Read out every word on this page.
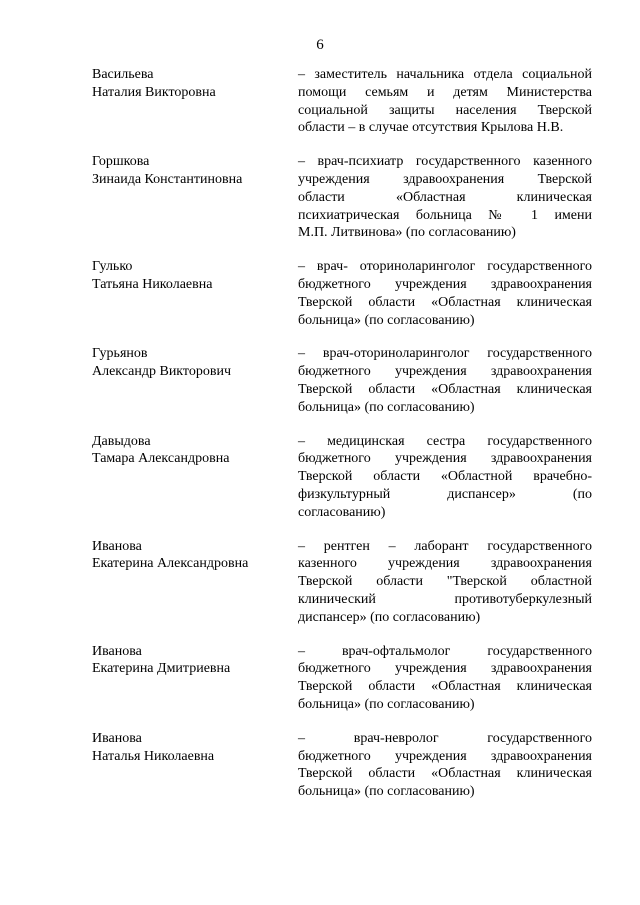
6
Васильева
Наталия Викторовна
– заместитель начальника отдела социальной
помощи семьям и детям Министерства
социальной защиты населения Тверской
области – в случае отсутствия Крылова Н.В.
Горшкова
Зинаида Константиновна
– врач-психиатр государственного казенного
учреждения здравоохранения Тверской
области «Областная клиническая
психиатрическая больница № 1 имени
М.П. Литвинова» (по согласованию)
Гулько
Татьяна Николаевна
– врач- оториноларинголог государственного
бюджетного учреждения здравоохранения
Тверской области «Областная клиническая
больница» (по согласованию)
Гурьянов
Александр Викторович
– врач-оториноларинголог государственного
бюджетного учреждения здравоохранения
Тверской области «Областная клиническая
больница» (по согласованию)
Давыдова
Тамара Александровна
– медицинская сестра государственного
бюджетного учреждения здравоохранения
Тверской области «Областной врачебно-
физкультурный диспансер» (по
согласованию)
Иванова
Екатерина Александровна
– рентген – лаборант государственного
казенного учреждения здравоохранения
Тверской области "Тверской областной
клинический противотуберкулезный
диспансер» (по согласованию)
Иванова
Екатерина Дмитриевна
– врач-офтальмолог государственного
бюджетного учреждения здравоохранения
Тверской области «Областная клиническая
больница» (по согласованию)
Иванова
Наталья Николаевна
– врач-невролог государственного
бюджетного учреждения здравоохранения
Тверской области «Областная клиническая
больница» (по согласованию)
